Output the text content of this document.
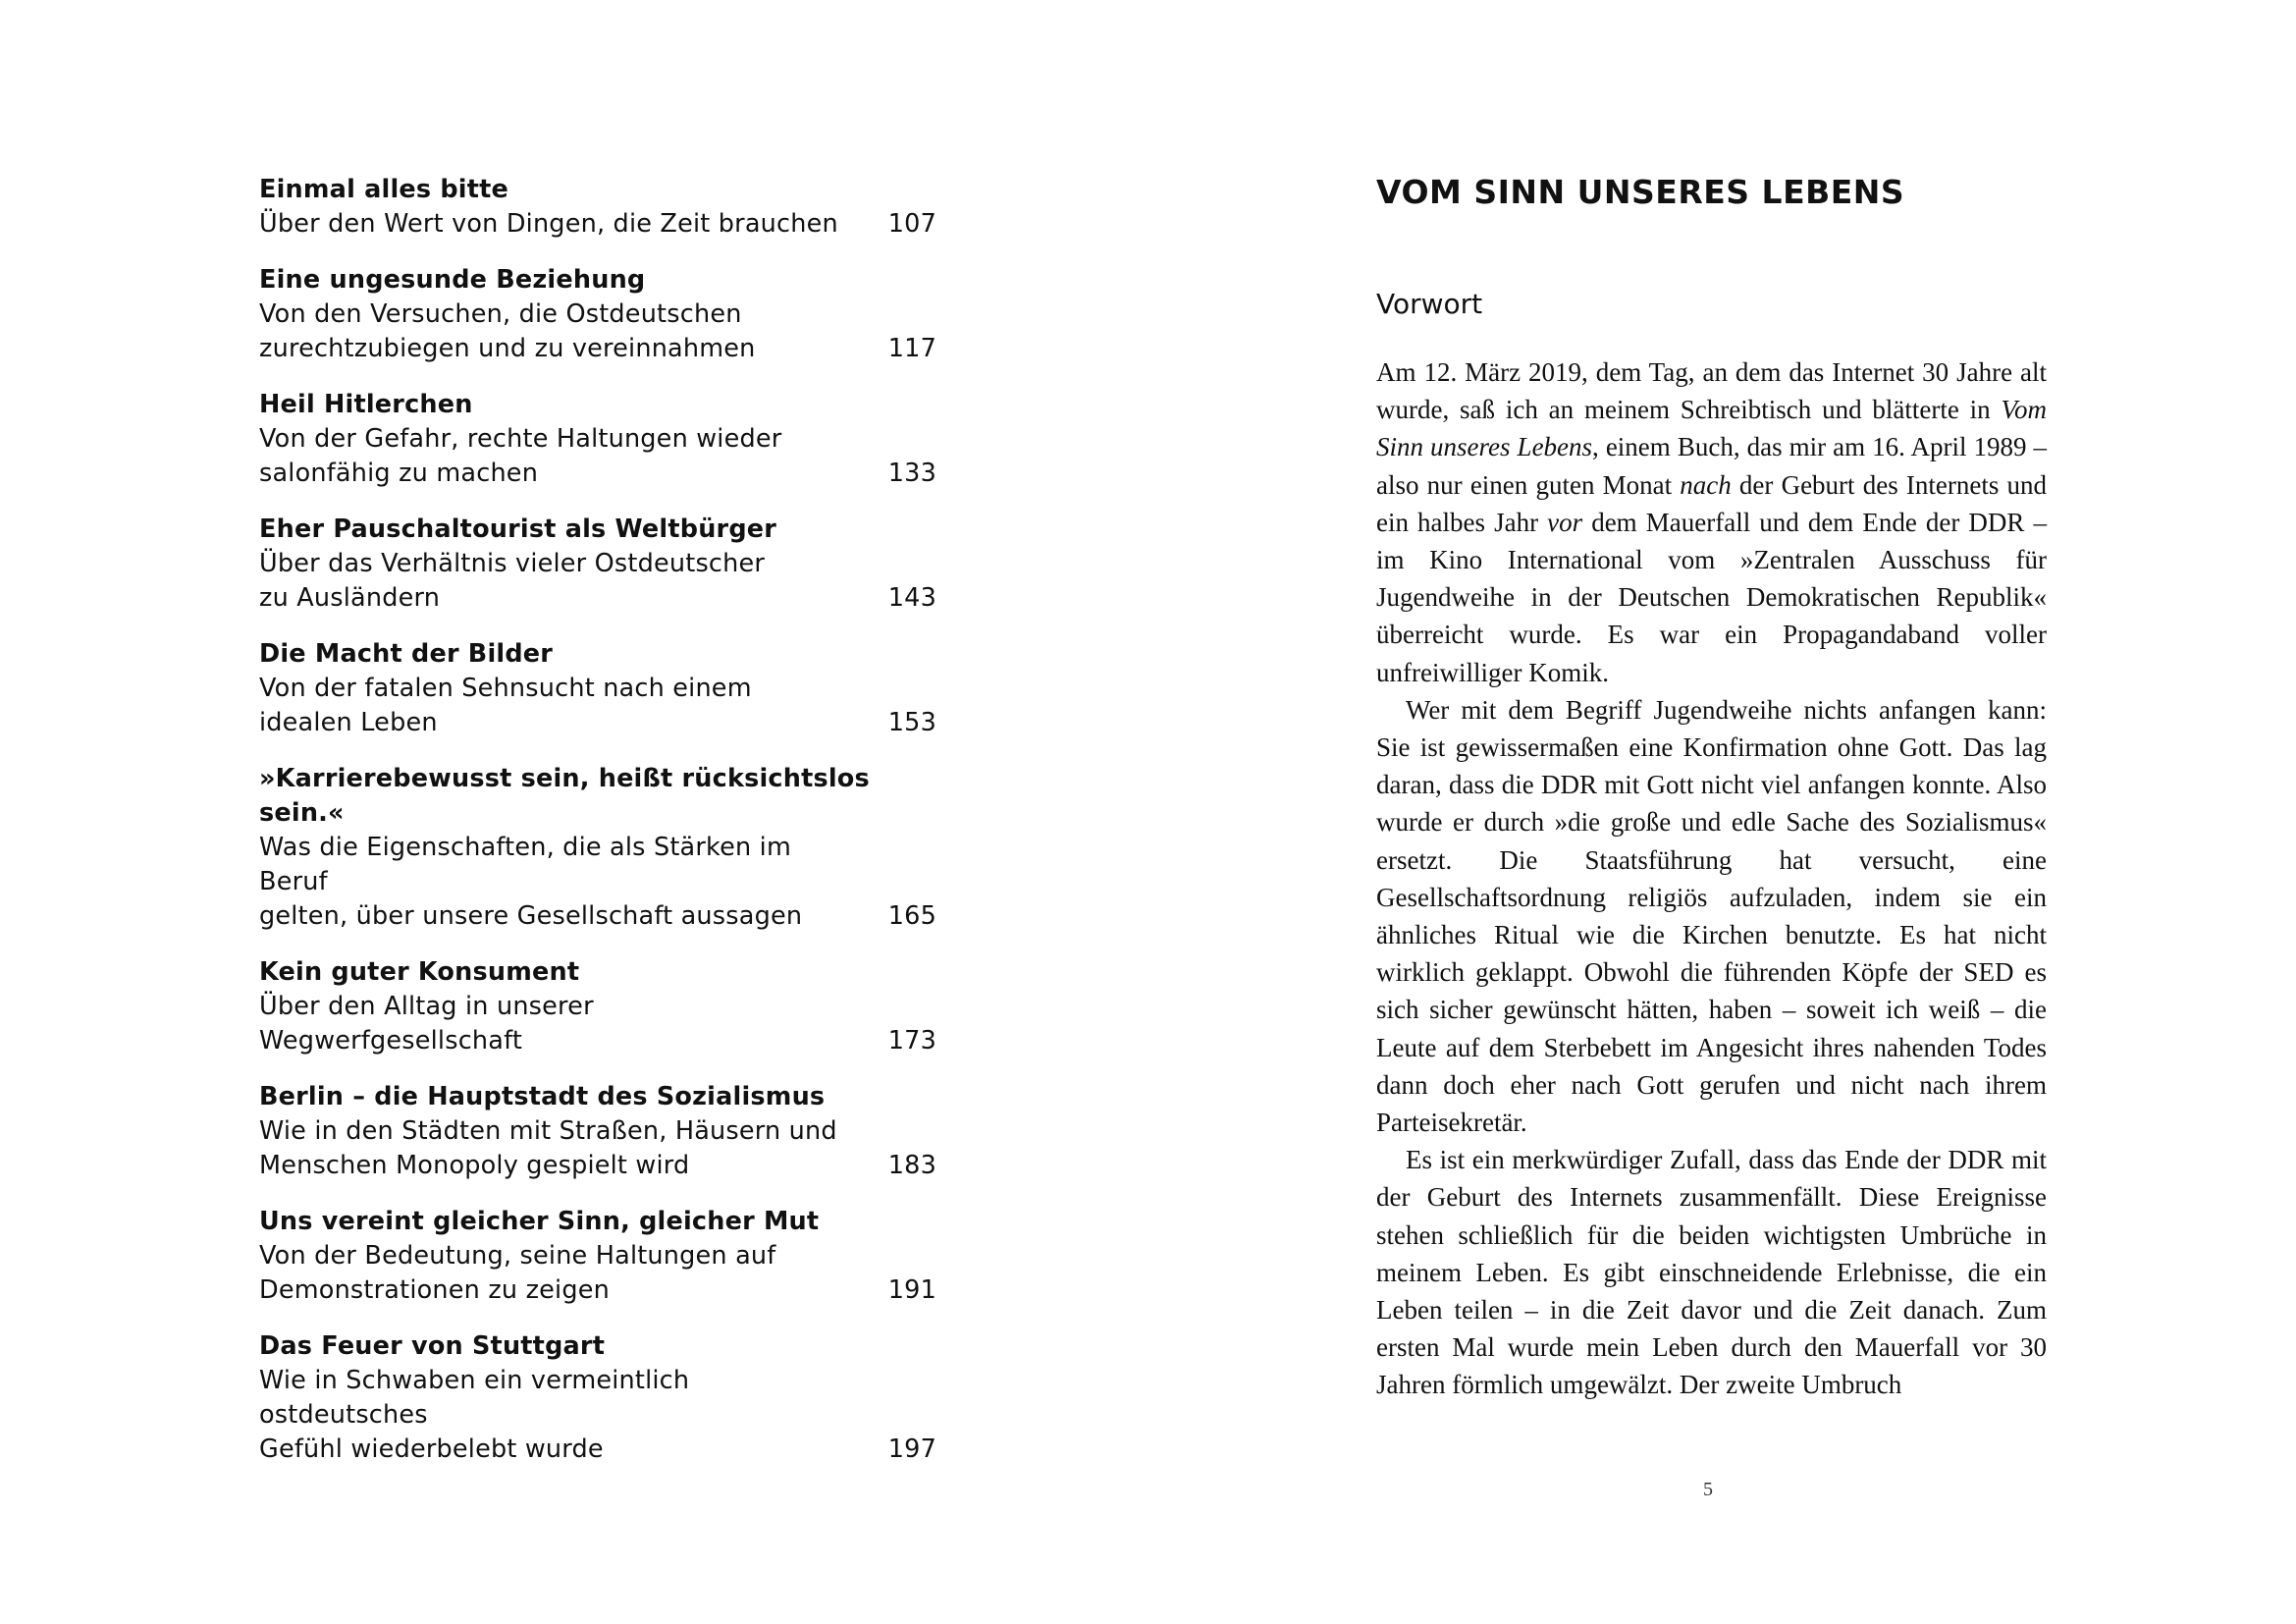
Einmal alles bitte
Über den Wert von Dingen, die Zeit brauchen	107
Eine ungesunde Beziehung
Von den Versuchen, die Ostdeutschen
zurechtzubiegen und zu vereinnahmen	117
Heil Hitlerchen
Von der Gefahr, rechte Haltungen wieder
salonfähig zu machen	133
Eher Pauschaltourist als Weltbürger
Über das Verhältnis vieler Ostdeutscher
zu Ausländern	143
Die Macht der Bilder
Von der fatalen Sehnsucht nach einem
idealen Leben	153
»Karrierebewusst sein, heißt rücksichtslos sein.«
Was die Eigenschaften, die als Stärken im Beruf
gelten, über unsere Gesellschaft aussagen	165
Kein guter Konsument
Über den Alltag in unserer Wegwerfgesellschaft	173
Berlin – die Hauptstadt des Sozialismus
Wie in den Städten mit Straßen, Häusern und
Menschen Monopoly gespielt wird	183
Uns vereint gleicher Sinn, gleicher Mut
Von der Bedeutung, seine Haltungen auf
Demonstrationen zu zeigen	191
Das Feuer von Stuttgart
Wie in Schwaben ein vermeintlich ostdeutsches
Gefühl wiederbelebt wurde	197
VOM SINN UNSERES LEBENS
Vorwort

Am 12. März 2019, dem Tag, an dem das Internet 30 Jahre alt wurde, saß ich an meinem Schreibtisch und blätterte in Vom Sinn unseres Lebens, einem Buch, das mir am 16. April 1989 – also nur einen guten Monat nach der Geburt des Internets und ein halbes Jahr vor dem Mauerfall und dem Ende der DDR – im Kino International vom »Zentralen Ausschuss für Jugendweihe in der Deutschen Demokratischen Republik« überreicht wurde. Es war ein Propagandaband voller unfreiwilliger Komik.

Wer mit dem Begriff Jugendweihe nichts anfangen kann: Sie ist gewissermaßen eine Konfirmation ohne Gott. Das lag daran, dass die DDR mit Gott nicht viel anfangen konnte. Also wurde er durch »die große und edle Sache des Sozialismus« ersetzt. Die Staatsführung hat versucht, eine Gesellschaftsordnung religiös aufzuladen, indem sie ein ähnliches Ritual wie die Kirchen benutzte. Es hat nicht wirklich geklappt. Obwohl die führenden Köpfe der SED es sich sicher gewünscht hätten, haben – soweit ich weiß – die Leute auf dem Sterbebett im Angesicht ihres nahenden Todes dann doch eher nach Gott gerufen und nicht nach ihrem Parteisekretär.

Es ist ein merkwürdiger Zufall, dass das Ende der DDR mit der Geburt des Internets zusammenfällt. Diese Ereignisse stehen schließlich für die beiden wichtigsten Umbrüche in meinem Leben. Es gibt einschneidende Erlebnisse, die ein Leben teilen – in die Zeit davor und die Zeit danach. Zum ersten Mal wurde mein Leben durch den Mauerfall vor 30 Jahren förmlich umgewälzt. Der zweite Umbruch

5
